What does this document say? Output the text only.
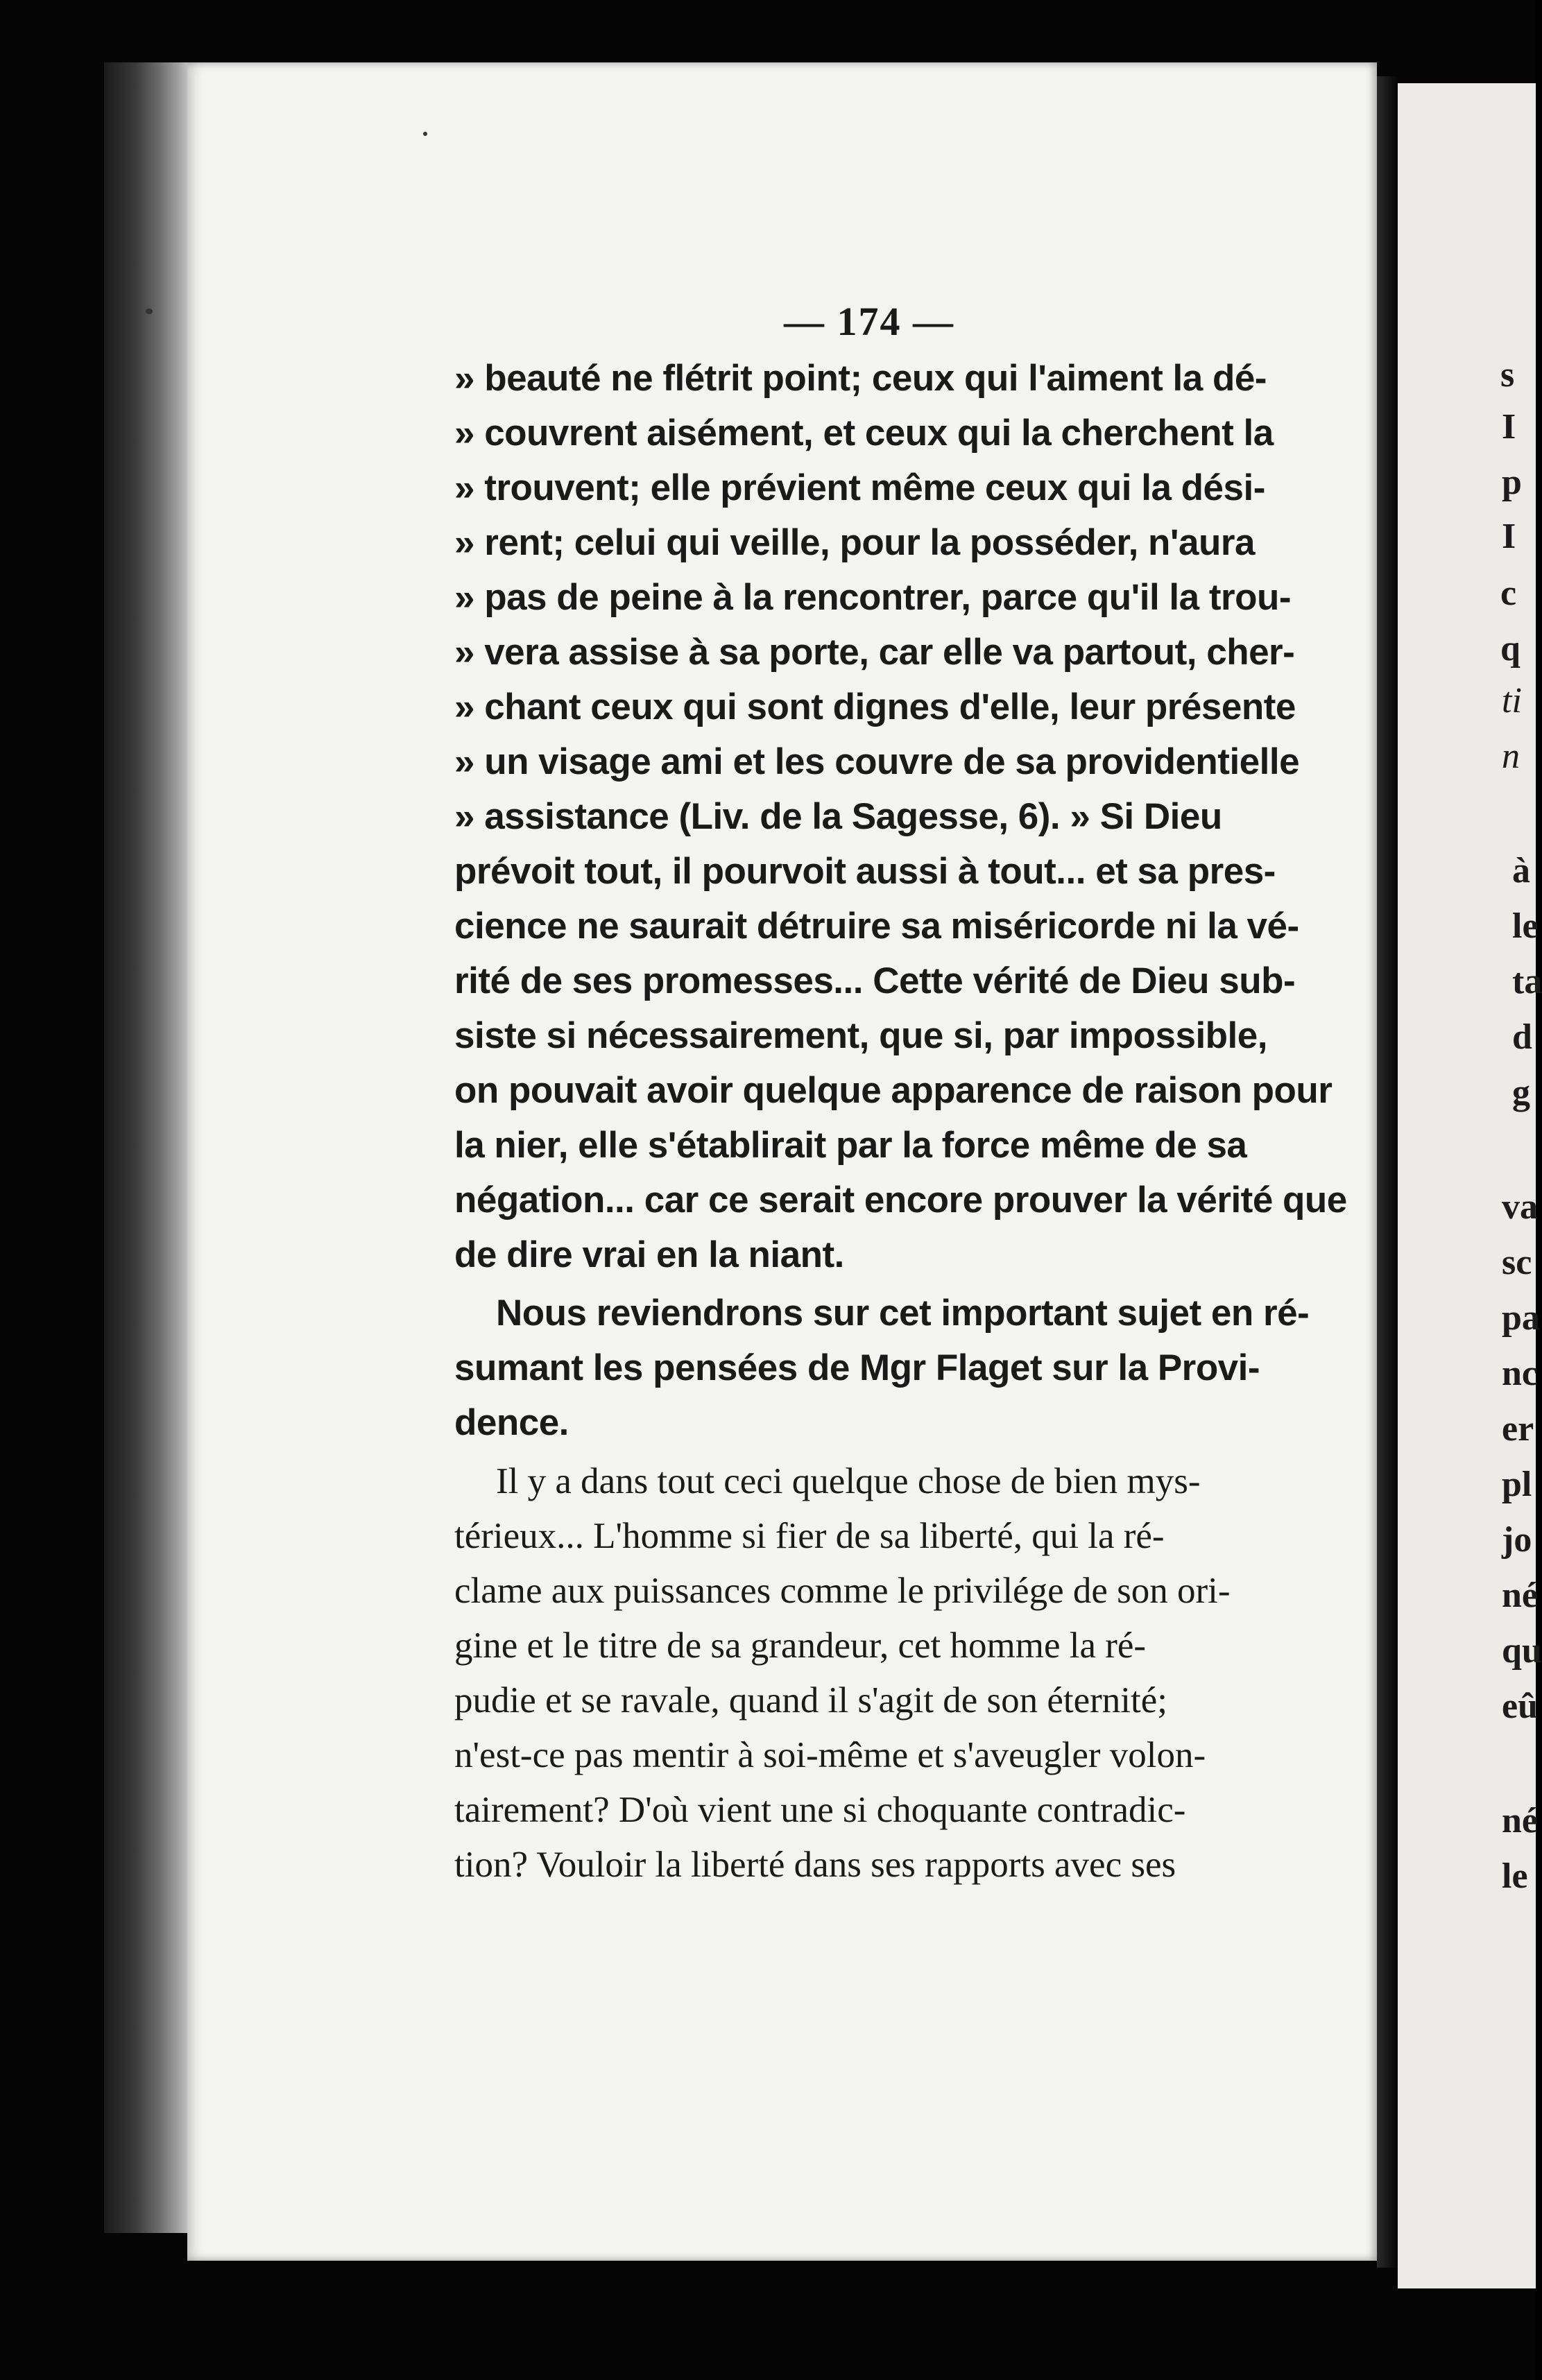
s
I
p
I
c
q
ti
n
à
le
ta
d
g
va
sc
pa
nc
er
pl
jo
né
qu
eû
né
le
— 174 —
» beauté ne flétrit point; ceux qui l'aiment la dé-
» couvrent aisément, et ceux qui la cherchent la
» trouvent; elle prévient même ceux qui la dési-
» rent; celui qui veille, pour la posséder, n'aura
» pas de peine à la rencontrer, parce qu'il la trou-
» vera assise à sa porte, car elle va partout, cher-
» chant ceux qui sont dignes d'elle, leur présente
» un visage ami et les couvre de sa providentielle
» assistance (Liv. de la Sagesse, 6). » Si Dieu
prévoit tout, il pourvoit aussi à tout... et sa pres-
cience ne saurait détruire sa miséricorde ni la vé-
rité de ses promesses... Cette vérité de Dieu sub-
siste si nécessairement, que si, par impossible,
on pouvait avoir quelque apparence de raison pour
la nier, elle s'établirait par la force même de sa
négation... car ce serait encore prouver la vérité que
de dire vrai en la niant.
Nous reviendrons sur cet important sujet en ré-
sumant les pensées de Mgr Flaget sur la Provi-
dence.
Il y a dans tout ceci quelque chose de bien mys-
térieux... L'homme si fier de sa liberté, qui la ré-
clame aux puissances comme le privilége de son ori-
gine et le titre de sa grandeur, cet homme la ré-
pudie et se ravale, quand il s'agit de son éternité;
n'est-ce pas mentir à soi-même et s'aveugler volon-
tairement? D'où vient une si choquante contradic-
tion? Vouloir la liberté dans ses rapports avec ses
